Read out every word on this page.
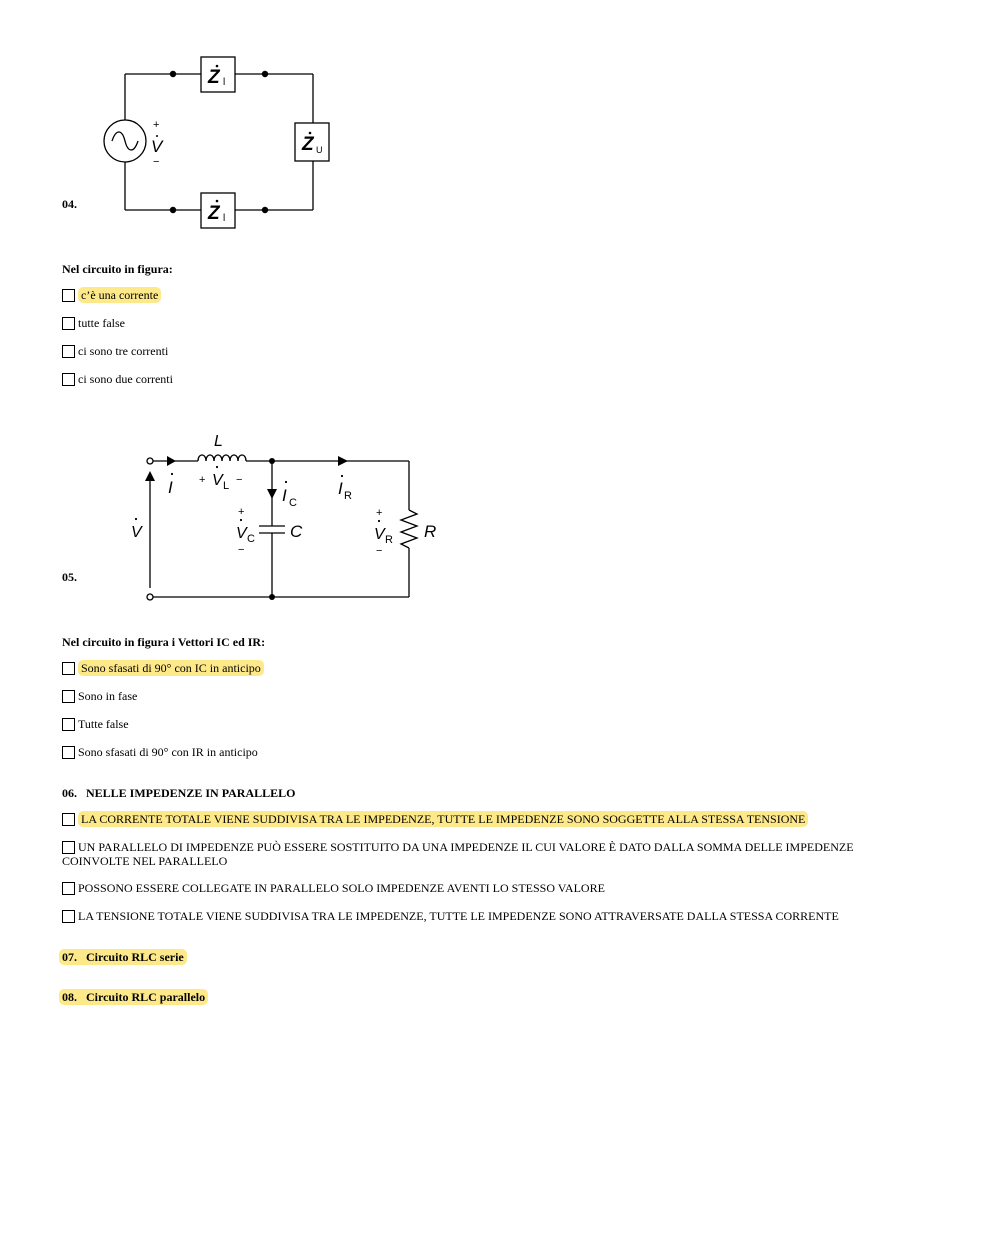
+
V
−
Z l
Z l
Z U
04.
Nel circuito in figura:
c’è una corrente
tutte false
ci sono tre correnti
ci sono due correnti
L
+ V L −
I	I C
I R
V
+
V C
−
C
+
V R
−
R
05.
Nel circuito in figura i Vettori IC ed IR:
Sono sfasati di 90° con IC in anticipo
Sono in fase
Tutte false
Sono sfasati di 90° con IR in anticipo
06. NELLE IMPEDENZE IN PARALLELO
LA CORRENTE TOTALE VIENE SUDDIVISA TRA LE IMPEDENZE, TUTTE LE IMPEDENZE SONO SOGGETTE ALLA STESSA TENSIONE
UN PARALLELO DI IMPEDENZE PUÒ ESSERE SOSTITUITO DA UNA IMPEDENZE IL CUI VALORE È DATO DALLA SOMMA DELLE IMPEDENZE COINVOLTE NEL PARALLELO
POSSONO ESSERE COLLEGATE IN PARALLELO SOLO IMPEDENZE AVENTI LO STESSO VALORE
LA TENSIONE TOTALE VIENE SUDDIVISA TRA LE IMPEDENZE, TUTTE LE IMPEDENZE SONO ATTRAVERSATE DALLA STESSA CORRENTE
07. Circuito RLC serie
08. Circuito RLC parallelo
